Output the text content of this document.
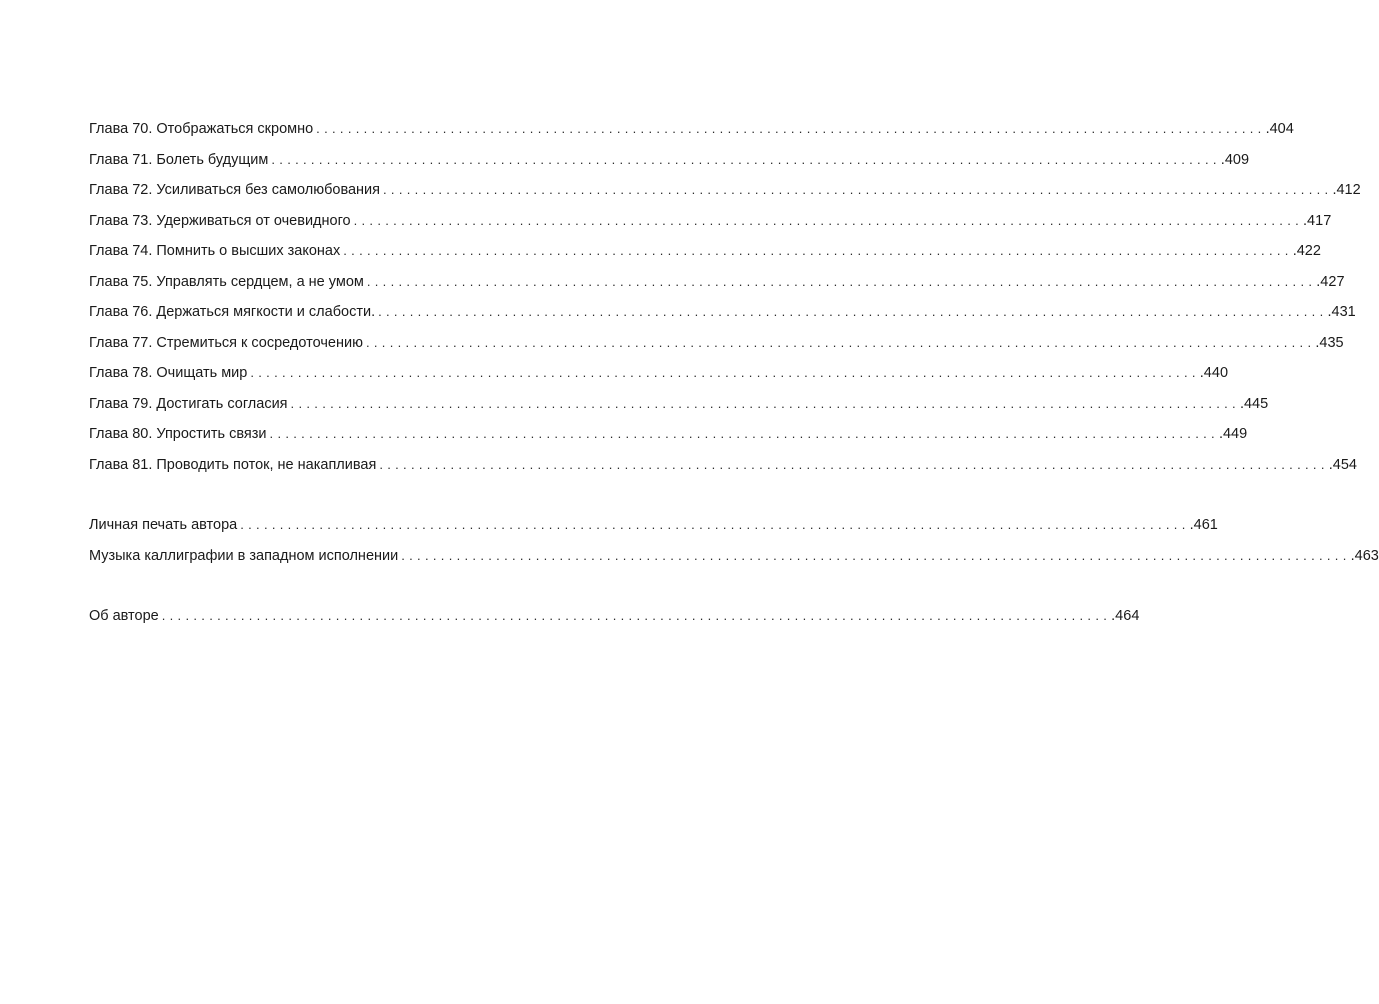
Глава 70. Отображаться скромно ........................................................................................................................ .404
Глава 71. Болеть будущим ........................................................................................................................ .409
Глава 72. Усиливаться без самолюбования ........................................................................................................................ .412
Глава 73. Удерживаться от очевидного ........................................................................................................................ .417
Глава 74. Помнить о высших законах ........................................................................................................................ .422
Глава 75. Управлять сердцем, а не умом ........................................................................................................................ .427
Глава 76. Держаться мягкости и слабости. ........................................................................................................................ .431
Глава 77. Стремиться к сосредоточению ........................................................................................................................ .435
Глава 78. Очищать мир ........................................................................................................................ .440
Глава 79. Достигать согласия ........................................................................................................................ .445
Глава 80. Упростить связи ........................................................................................................................ .449
Глава 81. Проводить поток, не накапливая ........................................................................................................................ .454
Личная печать автора ........................................................................................................................ .461
Музыка каллиграфии в западном исполнении ........................................................................................................................ .463
Об авторе ........................................................................................................................ .464
